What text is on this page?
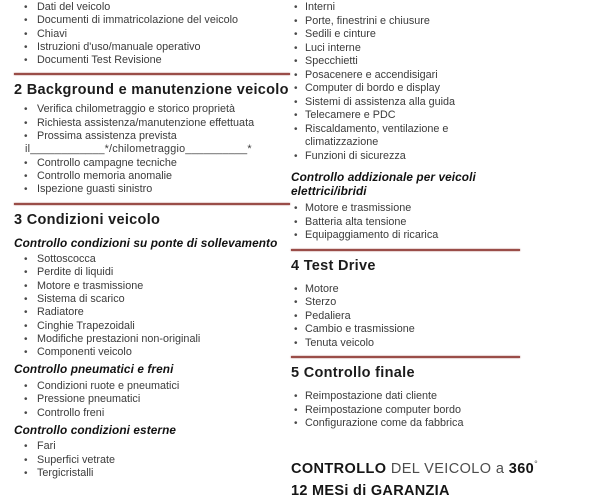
• Dati del veicolo
• Documenti di immatricolazione del veicolo
• Chiavi
• Istruzioni d'uso/manuale operativo
• Documenti Test Revisione
2 Background e manutenzione veicolo
• Verifica chilometraggio e storico proprietà
• Richiesta assistenza/manutenzione effettuata
• Prossima assistenza prevista
il____________*/chilometraggio__________*
• Controllo campagne tecniche
• Controllo memoria anomalie
• Ispezione guasti sinistro
3 Condizioni veicolo
Controllo condizioni su ponte di sollevamento
• Sottoscocca
• Perdite di liquidi
• Motore e trasmissione
• Sistema di scarico
• Radiatore
• Cinghie Trapezoidali
• Modifiche prestazioni non-originali
• Componenti veicolo
Controllo pneumatici e freni
• Condizioni ruote e pneumatici
• Pressione pneumatici
• Controllo freni
Controllo condizioni esterne
• Fari
• Superfici vetrate
• Tergicristalli
• Interni
• Porte, finestrini e chiusure
• Sedili e cinture
• Luci interne
• Specchietti
• Posacenere e accendisigari
• Computer di bordo e display
• Sistemi di assistenza alla guida
• Telecamere e PDC
• Riscaldamento, ventilazione e climatizzazione
• Funzioni di sicurezza
Controllo addizionale per veicoli elettrici/ibridi
• Motore e trasmissione
• Batteria alta tensione
• Equipaggiamento di ricarica
4 Test Drive
• Motore
• Sterzo
• Pedaliera
• Cambio e trasmissione
• Tenuta veicolo
5 Controllo finale
• Reimpostazione dati cliente
• Reimpostazione computer bordo
• Configurazione come da fabbrica
CONTROLLO DEL VEICOLO a 360°
12 MESi di GARANZIA
